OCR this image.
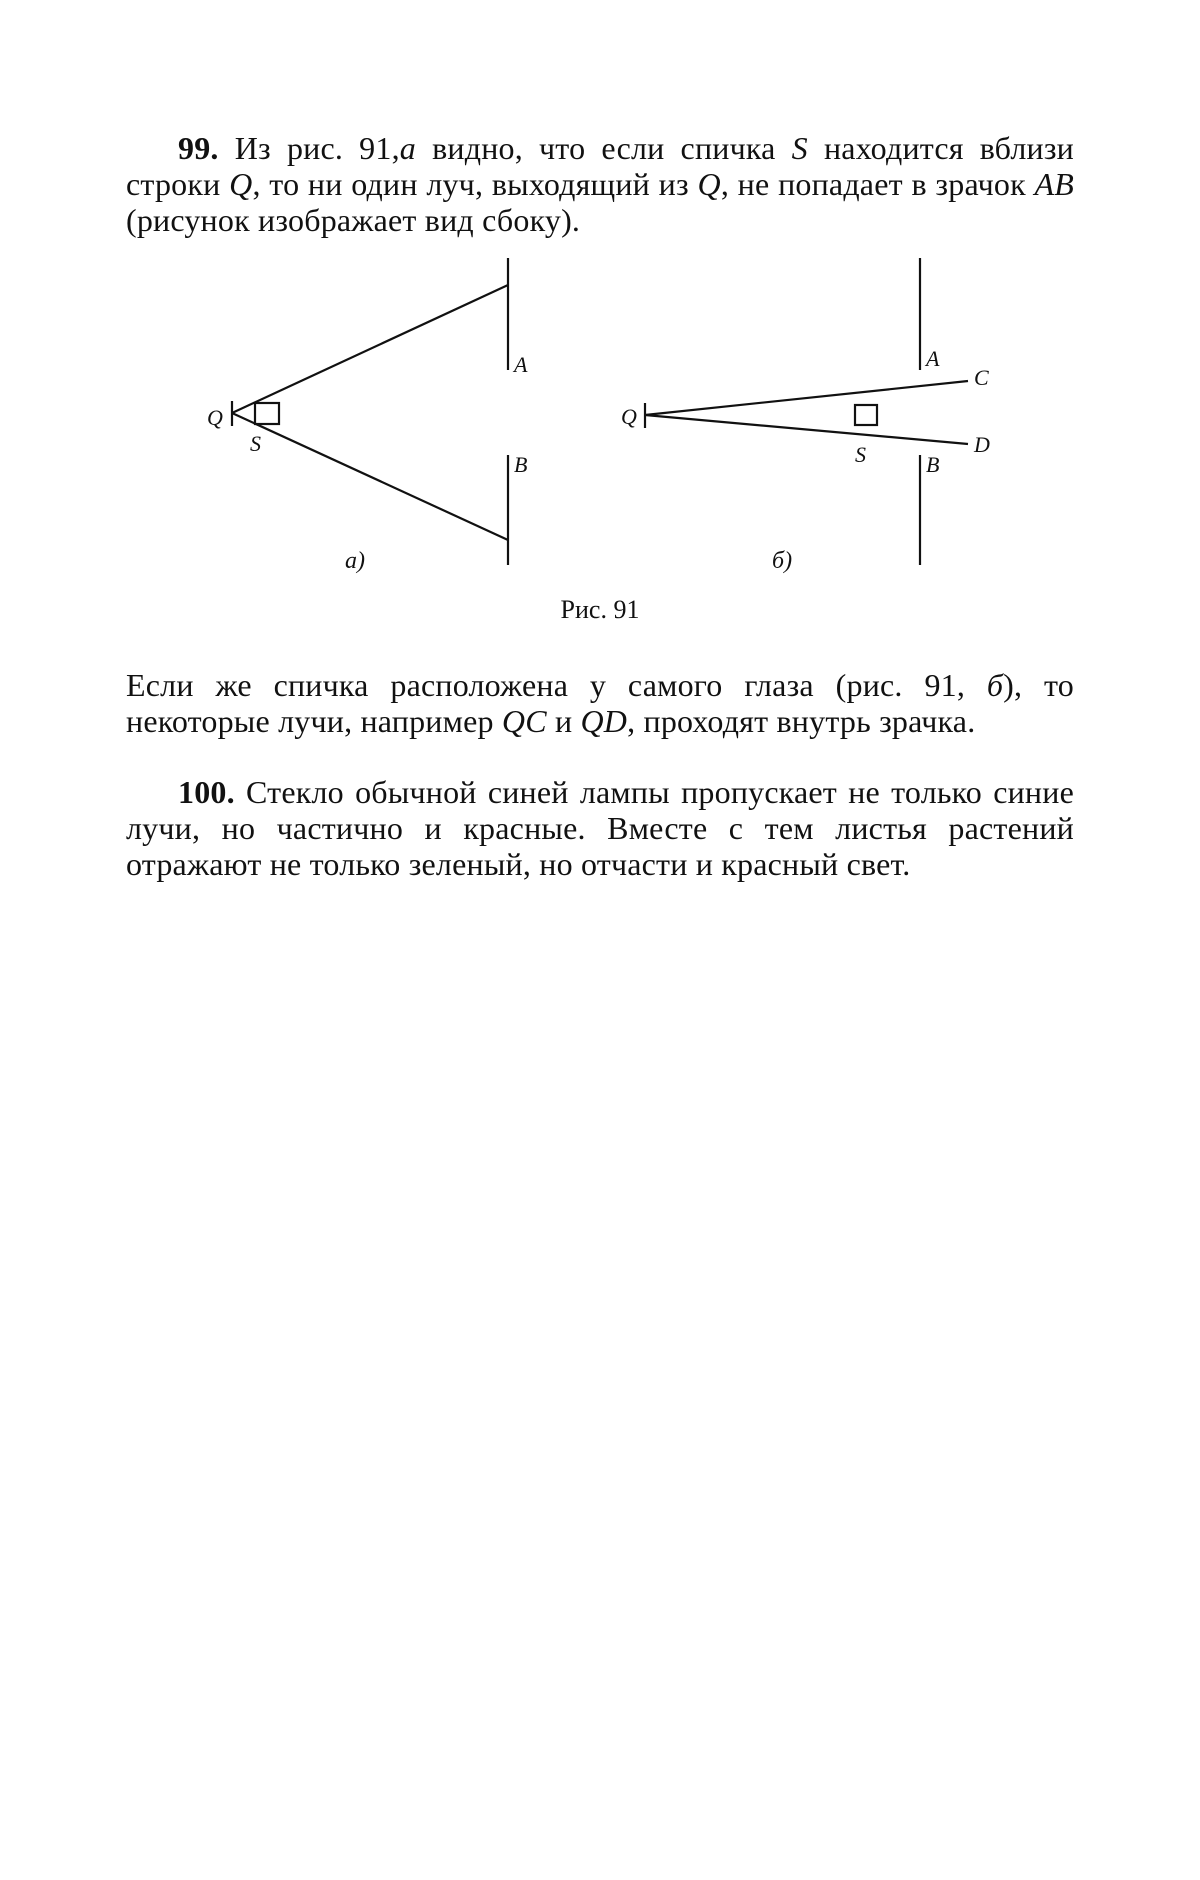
99. Из рис. 91,а видно, что если спичка S находится вблизи строки Q, то ни один луч, выходящий из Q, не попадает в зрачок AB (рисунок изображает вид сбоку).

Q
S
A
B
а)
Q
S
A
B
C
D
б)
Рис. 91

Если же спичка расположена у самого глаза (рис. 91, б), то некоторые лучи, например QC и QD, проходят внутрь зрачка.

100. Стекло обычной синей лампы пропускает не только синие лучи, но частично и красные. Вместе с тем листья растений отражают не только зеленый, но отчасти и красный свет.
